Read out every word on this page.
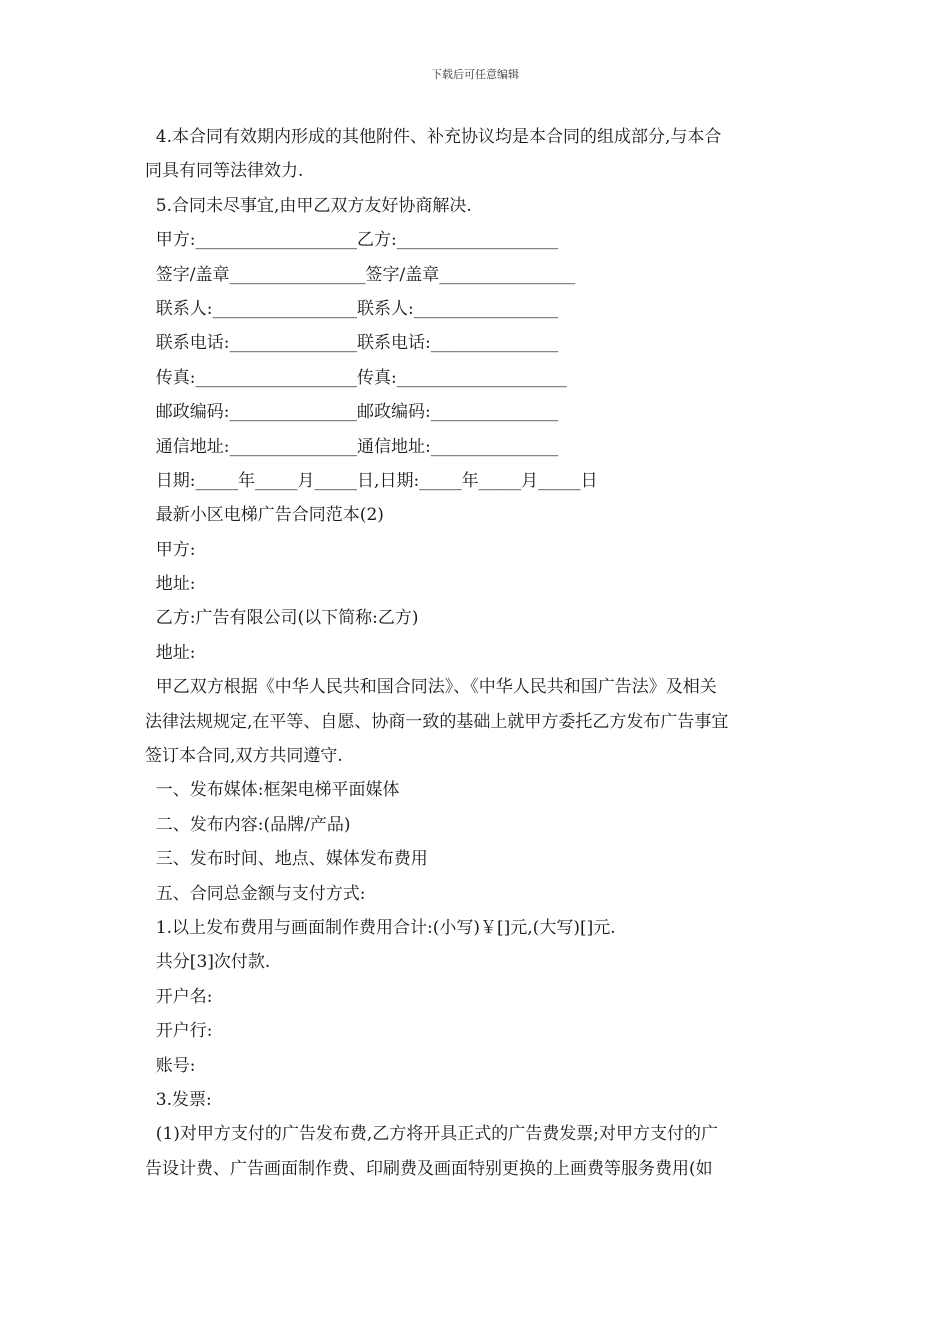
下载后可任意编辑
4.本合同有效期内形成的其他附件、补充协议均是本合同的组成部分,与本合
同具有同等法律效力.
5.合同未尽事宜,由甲乙双方友好协商解决.
甲方:___________________乙方:___________________
签字/盖章________________签字/盖章________________
联系人:_________________联系人:_________________
联系电话:_______________联系电话:_______________
传真:___________________传真:____________________
邮政编码:_______________邮政编码:_______________
通信地址:_______________通信地址:_______________
日期:_____年_____月_____日,日期:_____年_____月_____日
最新小区电梯广告合同范本(2)
甲方:
地址:
乙方:广告有限公司(以下简称:乙方)
地址:
甲乙双方根据《中华人民共和国合同法》、《中华人民共和国广告法》及相关
法律法规规定,在平等、自愿、协商一致的基础上就甲方委托乙方发布广告事宜
签订本合同,双方共同遵守.
一、发布媒体:框架电梯平面媒体
二、发布内容:(品牌/产品)
三、发布时间、地点、媒体发布费用
五、合同总金额与支付方式:
1.以上发布费用与画面制作费用合计:(小写)￥[]元,(大写)[]元.
共分[3]次付款.
开户名:
开户行:
账号:
3.发票:
(1)对甲方支付的广告发布费,乙方将开具正式的广告费发票;对甲方支付的广
告设计费、广告画面制作费、印刷费及画面特别更换的上画费等服务费用(如
